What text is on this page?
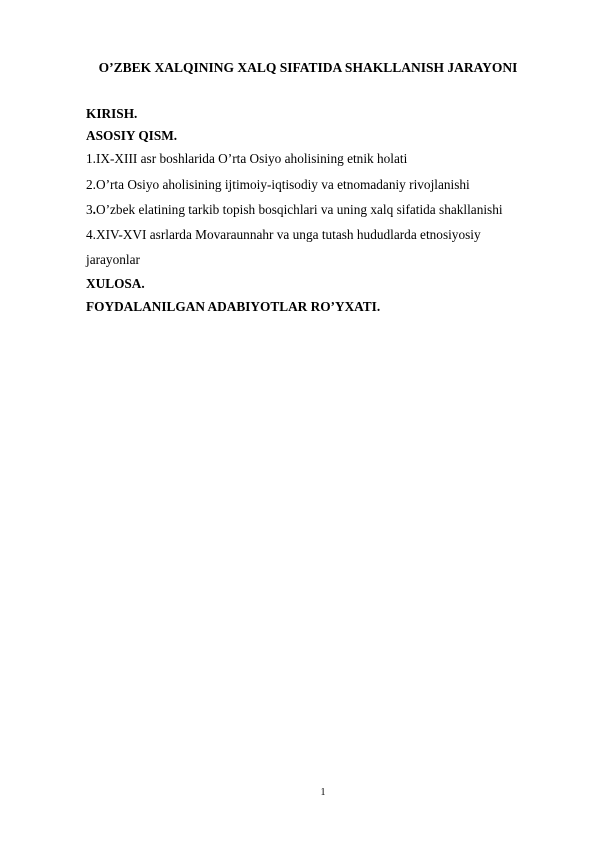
O’ZBEK XALQINING XALQ SIFATIDA SHAKLLANISH JARAYONI
KIRISH.
ASOSIY QISM.
1.IX-XIII asr boshlarida O’rta Osiyo aholisining etnik holati
2.O’rta Osiyo aholisining ijtimoiy-iqtisodiy va etnomadaniy rivojlanishi
3.O’zbek elatining tarkib topish bosqichlari va uning xalq sifatida shakllanishi
4.XIV-XVI asrlarda Movaraunnahr va unga tutash hududlarda etnosiyosiy
jarayonlar
XULOSA.
FOYDALANILGAN ADABIYOTLAR RO’YXATI.
1
